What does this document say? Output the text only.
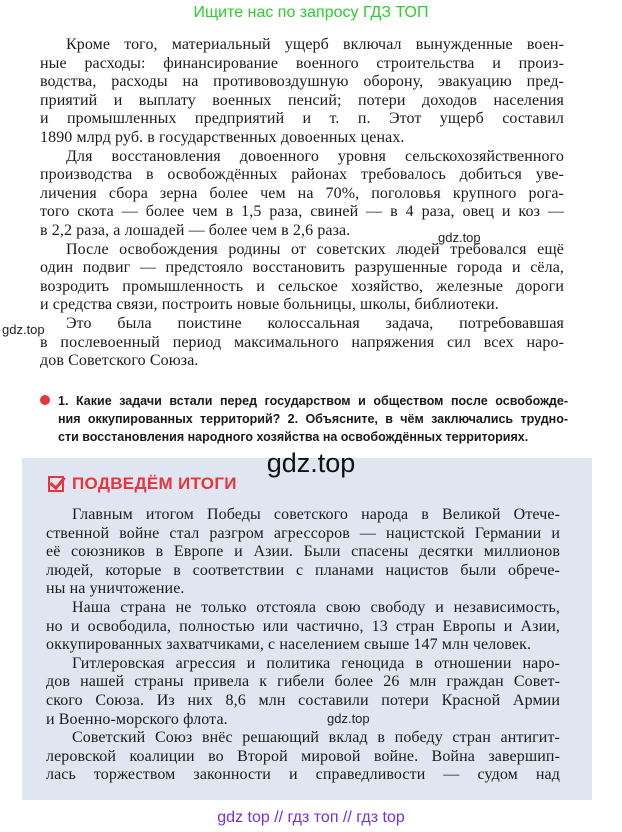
Ищите нас по запросу ГДЗ ТОП

Кроме того, материальный ущерб включал вынужденные воен-
ные расходы: финансирование военного строительства и произ-
водства, расходы на противовоздушную оборону, эвакуацию пред-
приятий и выплату военных пенсий; потери доходов населения
и промышленных предприятий и т. п. Этот ущерб составил
1890 млрд руб. в государственных довоенных ценах.

Для восстановления довоенного уровня сельскохозяйственного
производства в освобождённых районах требовалось добиться уве-
личения сбора зерна более чем на 70%, поголовья крупного рога-
того скота — более чем в 1,5 раза, свиней — в 4 раза, овец и коз —
в 2,2 раза, а лошадей — более чем в 2,6 раза.

После освобождения родины от советских людей требовался ещё
один подвиг — предстояло восстановить разрушенные города и сёла,
возродить промышленность и сельское хозяйство, железные дороги
и средства связи, построить новые больницы, школы, библиотеки.

Это была поистине колоссальная задача, потребовавшая
в послевоенный период максимального напряжения сил всех наро-
дов Советского Союза.

gdz.top
gdz.top
1. Какие задачи встали перед государством и обществом после освобожде-
ния оккупированных территорий? 2. Объясните, в чём заключались трудно-
сти восстановления народного хозяйства на освобождённых территориях.
gdz.top
ПОДВЕДЁМ ИТОГИ

Главным итогом Победы советского народа в Великой Отече-
ственной войне стал разгром агрессоров — нацистской Германии и
её союзников в Европе и Азии. Были спасены десятки миллионов
людей, которые в соответствии с планами нацистов были обрече-
ны на уничтожение.

Наша страна не только отстояла свою свободу и независимость,
но и освободила, полностью или частично, 13 стран Европы и Азии,
оккупированных захватчиками, с населением свыше 147 млн человек.

Гитлеровская агрессия и политика геноцида в отношении наро-
дов нашей страны привела к гибели более 26 млн граждан Совет-
ского Союза. Из них 8,6 млн составили потери Красной Армии
и Военно-морского флота.

Советский Союз внёс решающий вклад в победу стран антигит-
леровской коалиции во Второй мировой войне. Война завершип-
лась торжеством законности и справедливости — судом над

gdz.top
gdz top // гдз топ // гдз top
